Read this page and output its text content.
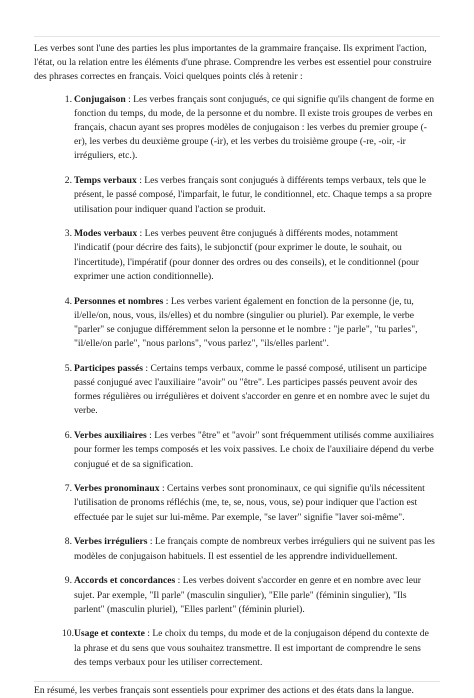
Les verbes sont l'une des parties les plus importantes de la grammaire française. Ils expriment l'action, l'état, ou la relation entre les éléments d'une phrase. Comprendre les verbes est essentiel pour construire des phrases correctes en français. Voici quelques points clés à retenir :

1. Conjugaison : Les verbes français sont conjugués, ce qui signifie qu'ils changent de forme en fonction du temps, du mode, de la personne et du nombre. Il existe trois groupes de verbes en français, chacun ayant ses propres modèles de conjugaison : les verbes du premier groupe (-er), les verbes du deuxième groupe (-ir), et les verbes du troisième groupe (-re, -oir, -ir irréguliers, etc.).
2. Temps verbaux : Les verbes français sont conjugués à différents temps verbaux, tels que le présent, le passé composé, l'imparfait, le futur, le conditionnel, etc. Chaque temps a sa propre utilisation pour indiquer quand l'action se produit.
3. Modes verbaux : Les verbes peuvent être conjugués à différents modes, notamment l'indicatif (pour décrire des faits), le subjonctif (pour exprimer le doute, le souhait, ou l'incertitude), l'impératif (pour donner des ordres ou des conseils), et le conditionnel (pour exprimer une action conditionnelle).
4. Personnes et nombres : Les verbes varient également en fonction de la personne (je, tu, il/elle/on, nous, vous, ils/elles) et du nombre (singulier ou pluriel). Par exemple, le verbe "parler" se conjugue différemment selon la personne et le nombre : "je parle", "tu parles", "il/elle/on parle", "nous parlons", "vous parlez", "ils/elles parlent".
5. Participes passés : Certains temps verbaux, comme le passé composé, utilisent un participe passé conjugué avec l'auxiliaire "avoir" ou "être". Les participes passés peuvent avoir des formes régulières ou irrégulières et doivent s'accorder en genre et en nombre avec le sujet du verbe.
6. Verbes auxiliaires : Les verbes "être" et "avoir" sont fréquemment utilisés comme auxiliaires pour former les temps composés et les voix passives. Le choix de l'auxiliaire dépend du verbe conjugué et de sa signification.
7. Verbes pronominaux : Certains verbes sont pronominaux, ce qui signifie qu'ils nécessitent l'utilisation de pronoms réfléchis (me, te, se, nous, vous, se) pour indiquer que l'action est effectuée par le sujet sur lui-même. Par exemple, "se laver" signifie "laver soi-même".
8. Verbes irréguliers : Le français compte de nombreux verbes irréguliers qui ne suivent pas les modèles de conjugaison habituels. Il est essentiel de les apprendre individuellement.
9. Accords et concordances : Les verbes doivent s'accorder en genre et en nombre avec leur sujet. Par exemple, "Il parle" (masculin singulier), "Elle parle" (féminin singulier), "Ils parlent" (masculin pluriel), "Elles parlent" (féminin pluriel).
10. Usage et contexte : Le choix du temps, du mode et de la conjugaison dépend du contexte de la phrase et du sens que vous souhaitez transmettre. Il est important de comprendre le sens des temps verbaux pour les utiliser correctement.

En résumé, les verbes français sont essentiels pour exprimer des actions et des états dans la langue.
